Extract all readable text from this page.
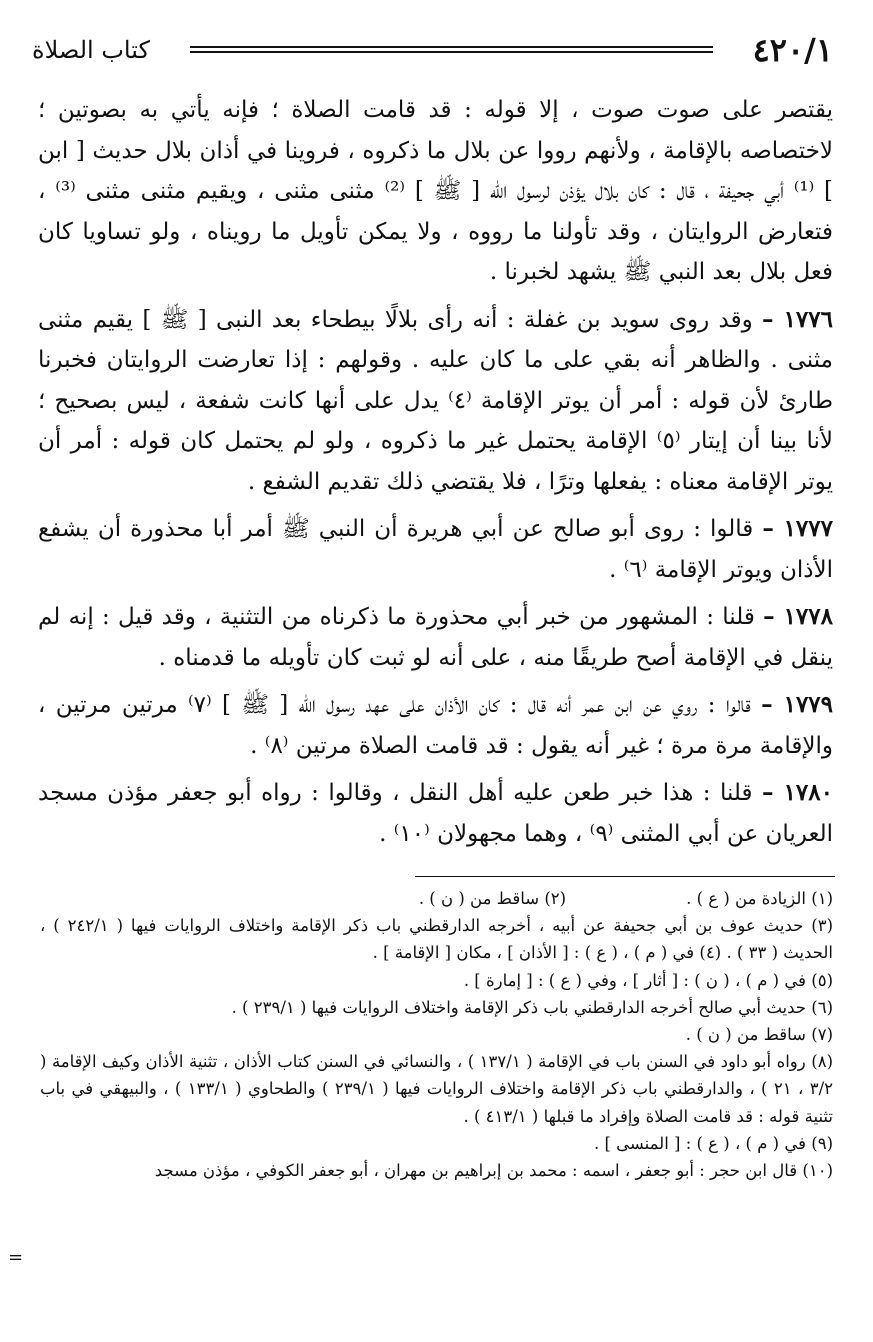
٤٢٠/١
كتاب الصلاة

يقتصر على صوت صوت ، إلا قوله : قد قامت الصلاة ؛ فإنه يأتي به بصوتين ؛ لاختصاصه بالإقامة ، ولأنهم رووا عن بلال ما ذكروه ، فروينا في أذان بلال حديث [ ابن ] ⁽¹⁾ أبي جحيفة ، قال : كان بلال يؤذن لرسول الله [ ﷺ ] ⁽²⁾ مثنى مثنى ، ويقيم مثنى مثنى ⁽³⁾ ، فتعارض الروايتان ، وقد تأولنا ما رووه ، ولا يمكن تأويل ما رويناه ، ولو تساويا كان فعل بلال بعد النبي ﷺ يشهد لخبرنا .

١٧٧٦ – وقد روى سويد بن غفلة : أنه رأى بلالًا بيطحاء بعد النبى [ ﷺ ] يقيم مثنى مثنى . والظاهر أنه بقي على ما كان عليه . وقولهم : إذا تعارضت الروايتان فخبرنا طارئ لأن قوله : أمر أن يوتر الإقامة ⁽٤⁾ يدل على أنها كانت شفعة ، ليس بصحيح ؛ لأنا بينا أن إيتار ⁽٥⁾ الإقامة يحتمل غير ما ذكروه ، ولو لم يحتمل كان قوله : أمر أن يوتر الإقامة معناه : يفعلها وترًا ، فلا يقتضي ذلك تقديم الشفع .

١٧٧٧ – قالوا : روى أبو صالح عن أبي هريرة أن النبي ﷺ أمر أبا محذورة أن يشفع الأذان ويوتر الإقامة ⁽٦⁾ .

١٧٧٨ – قلنا : المشهور من خبر أبي محذورة ما ذكرناه من التثنية ، وقد قيل : إنه لم ينقل في الإقامة أصح طريقًا منه ، على أنه لو ثبت كان تأويله ما قدمناه .

١٧٧٩ – قالوا : روي عن ابن عمر أنه قال : كان الأذان على عهد رسول الله [ ﷺ ] ⁽٧⁾ مرتين مرتين ، والإقامة مرة مرة ؛ غير أنه يقول : قد قامت الصلاة مرتين ⁽٨⁾ .

١٧٨٠ – قلنا : هذا خبر طعن عليه أهل النقل ، وقالوا : رواه أبو جعفر مؤذن مسجد العريان عن أبي المثنى ⁽٩⁾ ، وهما مجهولان ⁽١٠⁾ .

(١) الزيادة من ( ع ) .
(٢) ساقط من ( ن ) .

(٣) حديث عوف بن أبي جحيفة عن أبيه ، أخرجه الدارقطني باب ذكر الإقامة واختلاف الروايات فيها ( ٢٤٢/١ ) ، الحديث ( ٣٣ ) . (٤) في ( م ) ، ( ع ) : [ الأذان ] ، مكان [ الإقامة ] .

(٥) في ( م ) ، ( ن ) : [ أثار ] ، وفي ( ع ) : [ إمارة ] .

(٦) حديث أبي صالح أخرجه الدارقطني باب ذكر الإقامة واختلاف الروايات فيها ( ٢٣٩/١ ) .

(٧) ساقط من ( ن ) .

(٨) رواه أبو داود في السنن باب في الإقامة ( ١٣٧/١ ) ، والنسائي في السنن كتاب الأذان ، تثنية الأذان وكيف الإقامة ( ٣/٢ ، ٢١ ) ، والدارقطني باب ذكر الإقامة واختلاف الروايات فيها ( ٢٣٩/١ ) والطحاوي ( ١٣٣/١ ) ، والبيهقي في باب تثنية قوله : قد قامت الصلاة وإفراد ما قبلها ( ٤١٣/١ ) .

(٩) في ( م ) ، ( ع ) : [ المنسى ] .

(١٠) قال ابن حجر : أبو جعفر ، اسمه : محمد بن إبراهيم بن مهران ، أبو جعفر الكوفي ، مؤذن مسجد

=
